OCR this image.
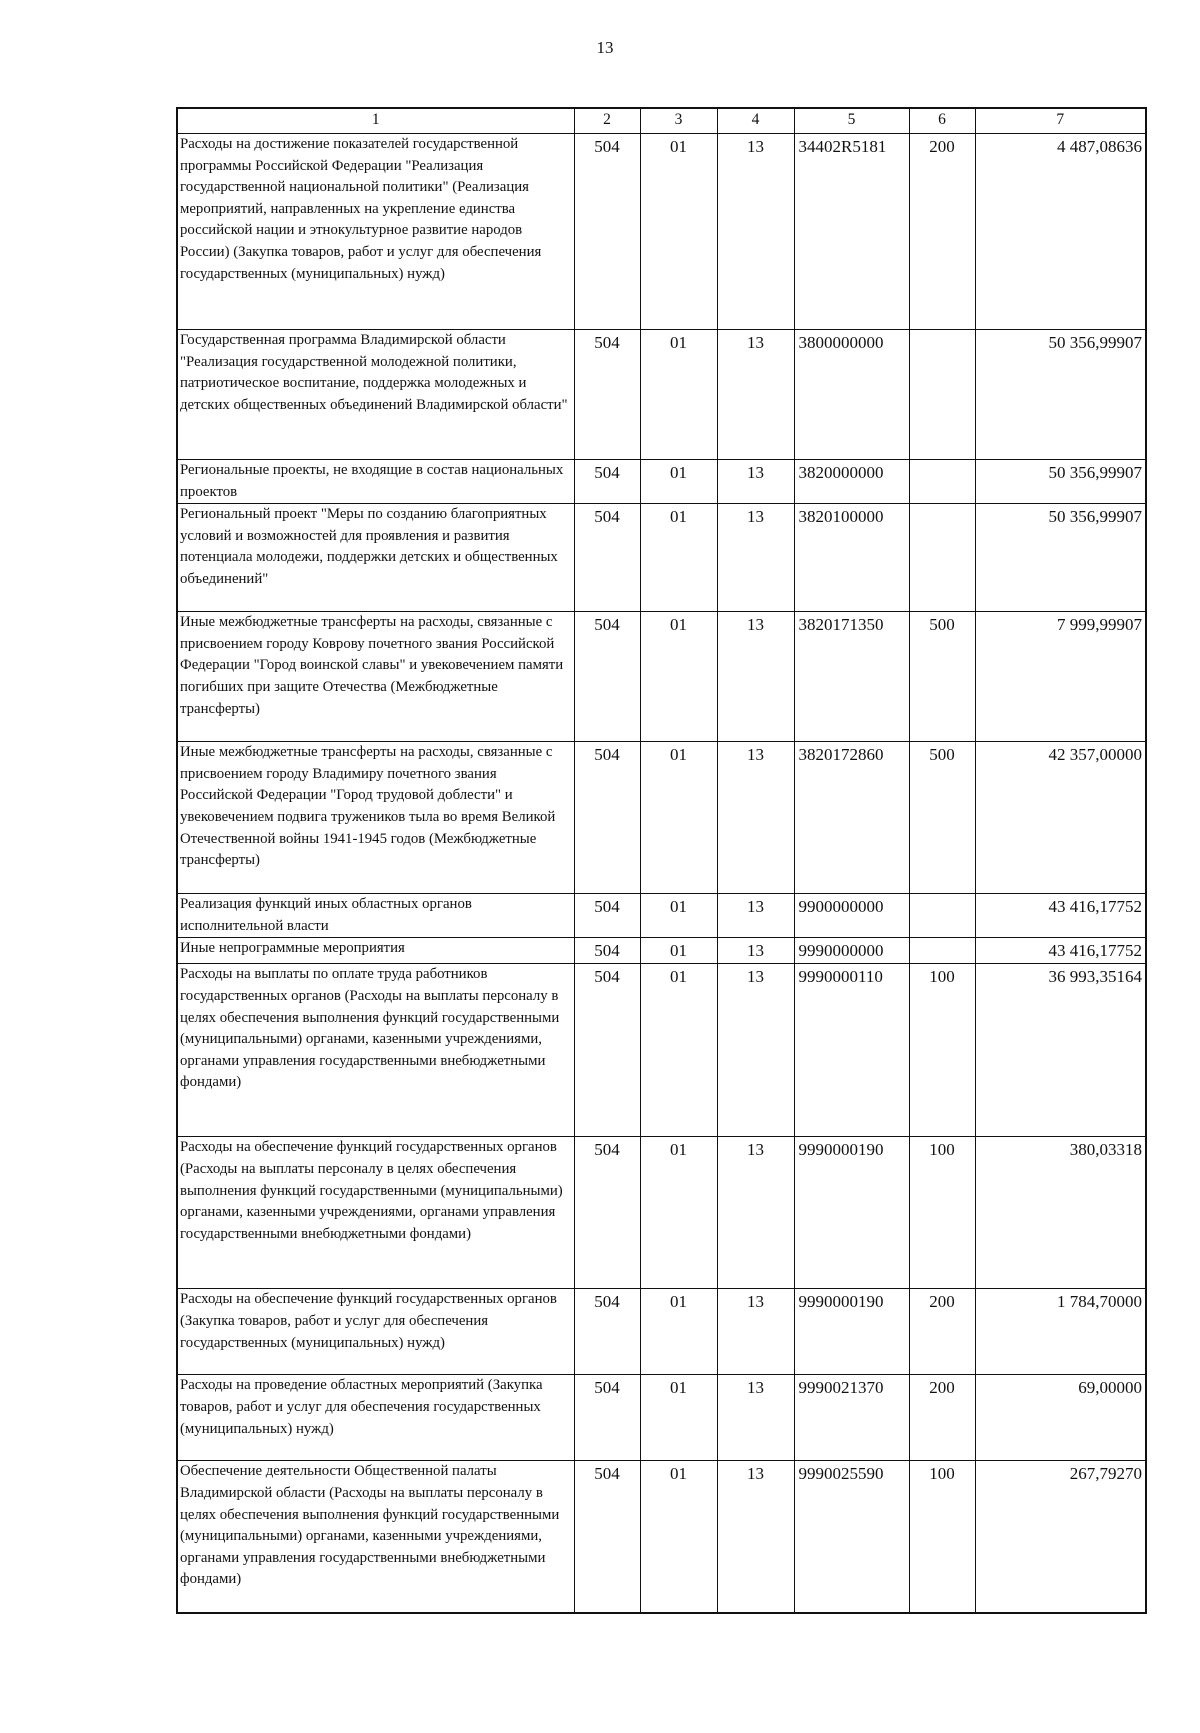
13
1	2	3	4	5	6	7
Расходы на достижение показателей государственной программы Российской Федерации "Реализация государственной национальной политики" (Реализация мероприятий, направленных на укрепление единства российской нации и этнокультурное развитие народов России) (Закупка товаров, работ и услуг для обеспечения государственных (муниципальных) нужд)	504	01	13	34402R5181	200	4 487,08636
Государственная программа Владимирской области "Реализация государственной молодежной политики, патриотическое воспитание, поддержка молодежных и детских общественных объединений Владимирской области"	504	01	13	3800000000		50 356,99907
Региональные проекты, не входящие в состав национальных проектов	504	01	13	3820000000		50 356,99907
Региональный проект "Меры по созданию благоприятных условий и возможностей для проявления и развития потенциала молодежи, поддержки детских и общественных объединений"	504	01	13	3820100000		50 356,99907
Иные межбюджетные трансферты на расходы, связанные с присвоением городу Коврову почетного звания Российской Федерации "Город воинской славы" и увековечением памяти погибших при защите Отечества (Межбюджетные трансферты)	504	01	13	3820171350	500	7 999,99907
Иные межбюджетные трансферты на расходы, связанные с присвоением городу Владимиру почетного звания Российской Федерации "Город трудовой доблести" и увековечением подвига тружеников тыла во время Великой Отечественной войны 1941-1945 годов (Межбюджетные трансферты)	504	01	13	3820172860	500	42 357,00000
Реализация функций иных областных органов исполнительной власти	504	01	13	9900000000		43 416,17752
Иные непрограммные мероприятия	504	01	13	9990000000		43 416,17752
Расходы на выплаты по оплате труда работников государственных органов (Расходы на выплаты персоналу в целях обеспечения выполнения функций государственными (муниципальными) органами, казенными учреждениями, органами управления государственными внебюджетными фондами)	504	01	13	9990000110	100	36 993,35164
Расходы на обеспечение функций государственных органов (Расходы на выплаты персоналу в целях обеспечения выполнения функций государственными (муниципальными) органами, казенными учреждениями, органами управления государственными внебюджетными фондами)	504	01	13	9990000190	100	380,03318
Расходы на обеспечение функций государственных органов (Закупка товаров, работ и услуг для обеспечения государственных (муниципальных) нужд)	504	01	13	9990000190	200	1 784,70000
Расходы на проведение областных мероприятий (Закупка товаров, работ и услуг для обеспечения государственных (муниципальных) нужд)	504	01	13	9990021370	200	69,00000
Обеспечение деятельности Общественной палаты Владимирской области (Расходы на выплаты персоналу в целях обеспечения выполнения функций государственными (муниципальными) органами, казенными учреждениями, органами управления государственными внебюджетными фондами)	504	01	13	9990025590	100	267,79270
